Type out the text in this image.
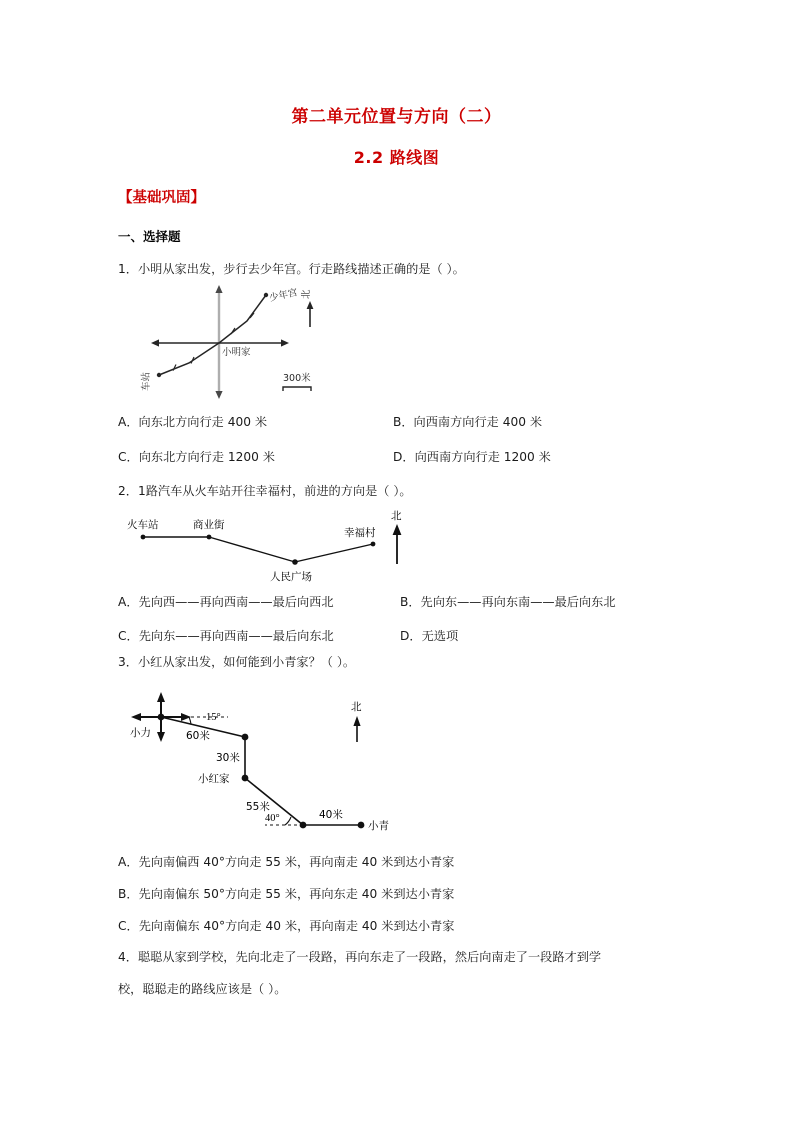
第二单元位置与方向（二）
2.2 路线图
【基础巩固】
一、选择题
1．小明从家出发，步行去少年宫。行走路线描述正确的是（ ）。
少年宫
车站
小明家
北
300米
A．向东北方向行走 400 米	B．向西南方向行走 400 米
C．向东北方向行走 1200 米	D．向西南方向行走 1200 米
2．1路汽车从火车站开往幸福村，前进的方向是（ ）。
火车站	商业街
人民广场
幸福村
北
A．先向西——再向西南——最后向西北	B．先向东——再向东南——最后向东北
C．先向东——再向西南——最后向东北	D．无选项
3．小红从家出发，如何能到小青家？（ ）。
小力
15°
60米
30米
小红家
55米
40°	40米
小青
北
A．先向南偏西 40°方向走 55 米，再向南走 40 米到达小青家
B．先向南偏东 50°方向走 55 米，再向东走 40 米到达小青家
C．先向南偏东 40°方向走 40 米，再向南走 40 米到达小青家
4．聪聪从家到学校，先向北走了一段路，再向东走了一段路，然后向南走了一段路才到学
校，聪聪走的路线应该是（ ）。
